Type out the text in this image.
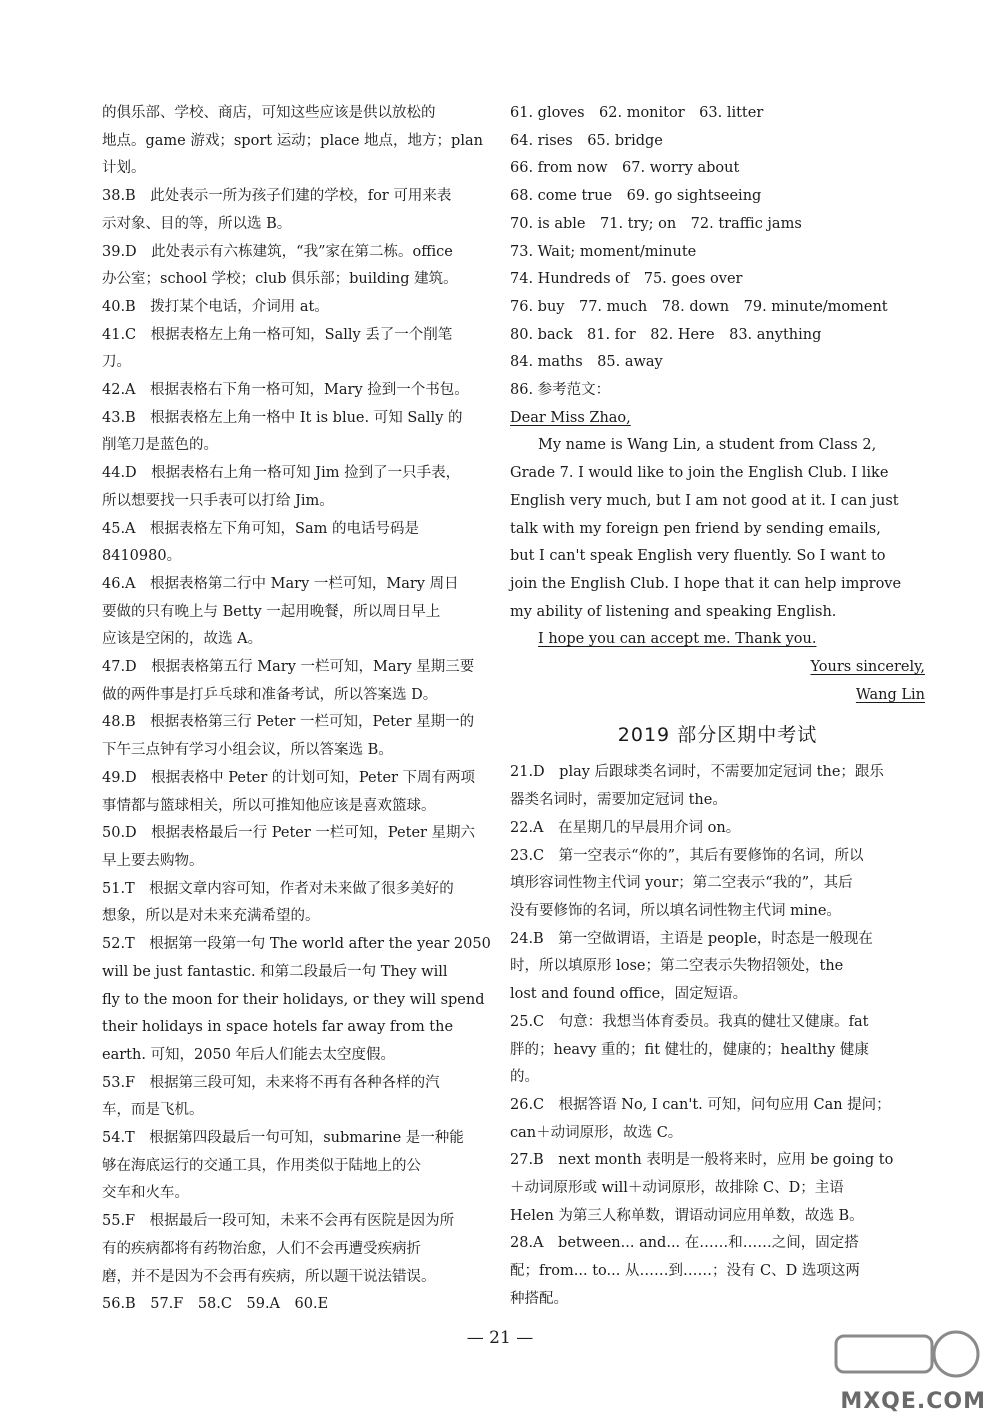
的俱乐部、学校、商店，可知这些应该是供以放松的
地点。game 游戏；sport 运动；place 地点，地方；plan
计划。
38.B　此处表示一所为孩子们建的学校，for 可用来表
示对象、目的等，所以选 B。
39.D　此处表示有六栋建筑，“我”家在第二栋。office
办公室；school 学校；club 俱乐部；building 建筑。
40.B　拨打某个电话，介词用 at。
41.C　根据表格左上角一格可知，Sally 丢了一个削笔
刀。
42.A　根据表格右下角一格可知，Mary 捡到一个书包。
43.B　根据表格左上角一格中 It is blue. 可知 Sally 的
削笔刀是蓝色的。
44.D　根据表格右上角一格可知 Jim 捡到了一只手表，
所以想要找一只手表可以打给 Jim。
45.A　根据表格左下角可知，Sam 的电话号码是
8410980。
46.A　根据表格第二行中 Mary 一栏可知，Mary 周日
要做的只有晚上与 Betty 一起用晚餐，所以周日早上
应该是空闲的，故选 A。
47.D　根据表格第五行 Mary 一栏可知，Mary 星期三要
做的两件事是打乒乓球和准备考试，所以答案选 D。
48.B　根据表格第三行 Peter 一栏可知，Peter 星期一的
下午三点钟有学习小组会议，所以答案选 B。
49.D　根据表格中 Peter 的计划可知，Peter 下周有两项
事情都与篮球相关，所以可推知他应该是喜欢篮球。
50.D　根据表格最后一行 Peter 一栏可知，Peter 星期六
早上要去购物。
51.T　根据文章内容可知，作者对未来做了很多美好的
想象，所以是对未来充满希望的。
52.T　根据第一段第一句 The world after the year 2050
will be just fantastic. 和第二段最后一句 They will
fly to the moon for their holidays, or they will spend
their holidays in space hotels far away from the
earth. 可知，2050 年后人们能去太空度假。
53.F　根据第三段可知，未来将不再有各种各样的汽
车，而是飞机。
54.T　根据第四段最后一句可知，submarine 是一种能
够在海底运行的交通工具，作用类似于陆地上的公
交车和火车。
55.F　根据最后一段可知，未来不会再有医院是因为所
有的疾病都将有药物治愈，人们不会再遭受疾病折
磨，并不是因为不会再有疾病，所以题干说法错误。
56.B　57.F　58.C　59.A　60.E
61. gloves　62. monitor　63. litter
64. rises　65. bridge
66. from now　67. worry about
68. come true　69. go sightseeing
70. is able　71. try; on　72. traffic jams
73. Wait; moment/minute
74. Hundreds of　75. goes over
76. buy　77. much　78. down　79. minute/moment
80. back　81. for　82. Here　83. anything
84. maths　85. away
86. 参考范文：
Dear Miss Zhao,
My name is Wang Lin, a student from Class 2,
Grade 7. I would like to join the English Club. I like
English very much, but I am not good at it. I can just
talk with my foreign pen friend by sending emails,
but I can't speak English very fluently. So I want to
join the English Club. I hope that it can help improve
my ability of listening and speaking English.
I hope you can accept me. Thank you.
Yours sincerely,
Wang Lin
2019 部分区期中考试
21.D　play 后跟球类名词时，不需要加定冠词 the；跟乐
器类名词时，需要加定冠词 the。
22.A　在星期几的早晨用介词 on。
23.C　第一空表示“你的”，其后有要修饰的名词，所以
填形容词性物主代词 your；第二空表示“我的”，其后
没有要修饰的名词，所以填名词性物主代词 mine。
24.B　第一空做谓语，主语是 people，时态是一般现在
时，所以填原形 lose；第二空表示失物招领处，the
lost and found office，固定短语。
25.C　句意：我想当体育委员。我真的健壮又健康。fat
胖的；heavy 重的；fit 健壮的，健康的；healthy 健康
的。
26.C　根据答语 No, I can't. 可知，问句应用 Can 提问；
can＋动词原形，故选 C。
27.B　next month 表明是一般将来时，应用 be going to
＋动词原形或 will＋动词原形，故排除 C、D；主语
Helen 为第三人称单数，谓语动词应用单数，故选 B。
28.A　between... and... 在……和……之间，固定搭
配；from... to... 从……到……；没有 C、D 选项这两
种搭配。
— 21 —
MXQE.COM
